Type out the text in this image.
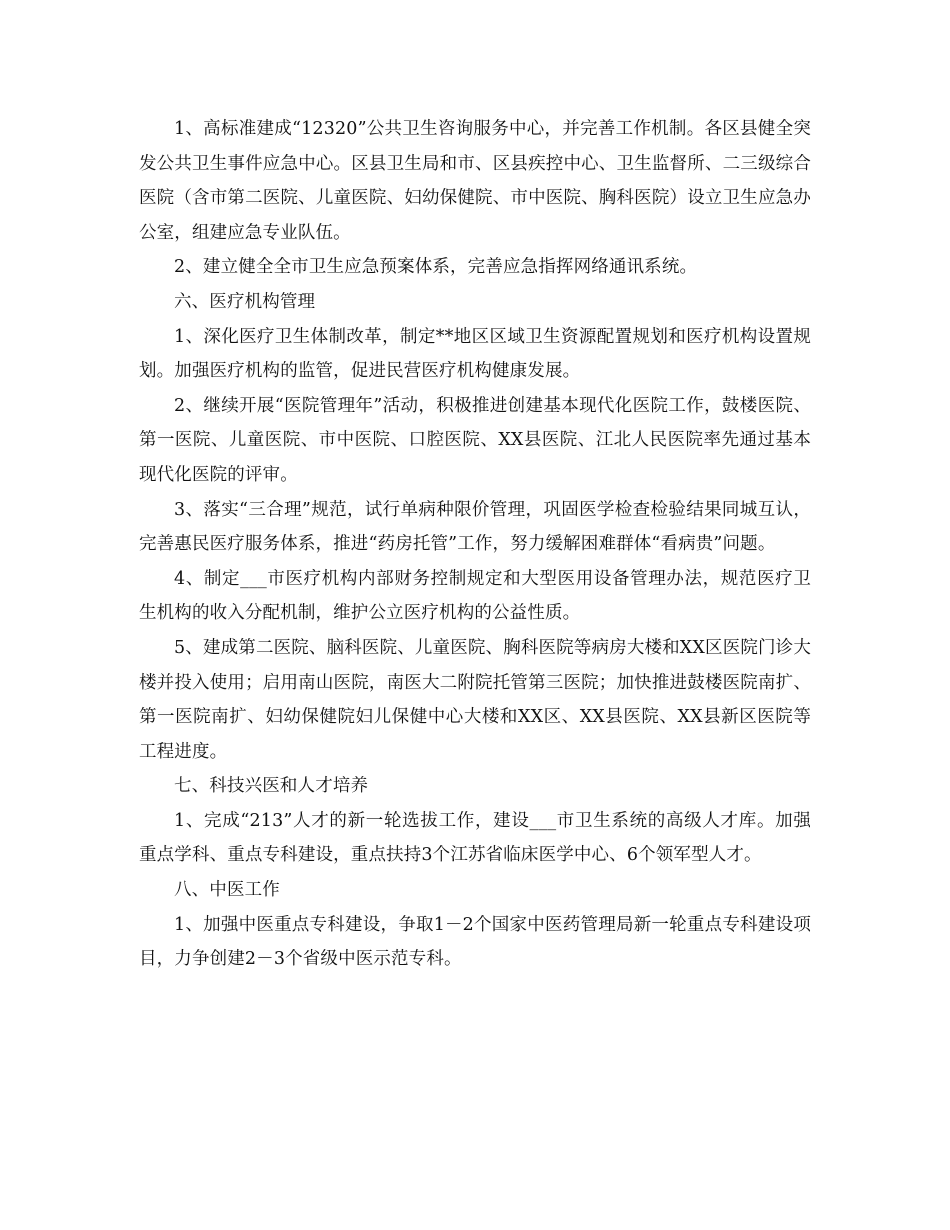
1、高标准建成“12320”公共卫生咨询服务中心，并完善工作机制。各区县健全突发公共卫生事件应急中心。区县卫生局和市、区县疾控中心、卫生监督所、二三级综合医院（含市第二医院、儿童医院、妇幼保健院、市中医院、胸科医院）设立卫生应急办公室，组建应急专业队伍。

2、建立健全全市卫生应急预案体系，完善应急指挥网络通讯系统。

六、医疗机构管理

1、深化医疗卫生体制改革，制定**地区区域卫生资源配置规划和医疗机构设置规划。加强医疗机构的监管，促进民营医疗机构健康发展。

2、继续开展“医院管理年”活动，积极推进创建基本现代化医院工作，鼓楼医院、第一医院、儿童医院、市中医院、口腔医院、XX县医院、江北人民医院率先通过基本现代化医院的评审。

3、落实“三合理”规范，试行单病种限价管理，巩固医学检查检验结果同城互认，完善惠民医疗服务体系，推进“药房托管”工作，努力缓解困难群体“看病贵”问题。

4、制定___市医疗机构内部财务控制规定和大型医用设备管理办法，规范医疗卫生机构的收入分配机制，维护公立医疗机构的公益性质。

5、建成第二医院、脑科医院、儿童医院、胸科医院等病房大楼和XX区医院门诊大楼并投入使用；启用南山医院，南医大二附院托管第三医院；加快推进鼓楼医院南扩、第一医院南扩、妇幼保健院妇儿保健中心大楼和XX区、XX县医院、XX县新区医院等工程进度。

七、科技兴医和人才培养

1、完成“213”人才的新一轮选拔工作，建设___市卫生系统的高级人才库。加强重点学科、重点专科建设，重点扶持3个江苏省临床医学中心、6个领军型人才。

八、中医工作

1、加强中医重点专科建设，争取1－2个国家中医药管理局新一轮重点专科建设项目，力争创建2－3个省级中医示范专科。
